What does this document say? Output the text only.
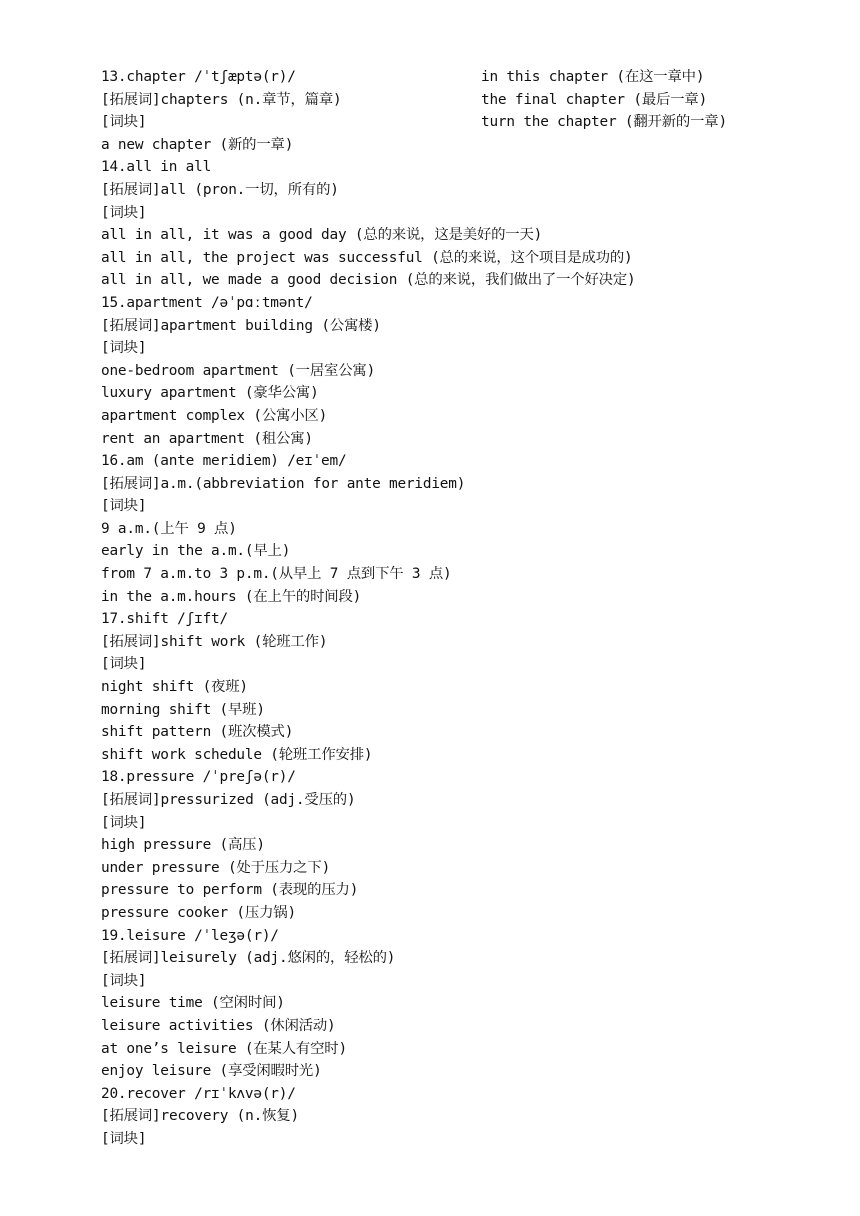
13.chapter /ˈtʃæptə(r)/
[拓展词]chapters (n.章节，篇章)
[词块]
a new chapter (新的一章)
14.all in all
[拓展词]all (pron.一切，所有的)
[词块]
all in all, it was a good day (总的来说，这是美好的一天)
all in all, the project was successful (总的来说，这个项目是成功的)
all in all, we made a good decision (总的来说，我们做出了一个好决定)
15.apartment /əˈpɑːtmənt/
[拓展词]apartment building (公寓楼)
[词块]
one-bedroom apartment (一居室公寓)
luxury apartment (豪华公寓)
apartment complex (公寓小区)
rent an apartment (租公寓)
16.am (ante meridiem) /eɪˈem/
[拓展词]a.m.(abbreviation for ante meridiem)
[词块]
9 a.m.(上午 9 点)
early in the a.m.(早上)
from 7 a.m.to 3 p.m.(从早上 7 点到下午 3 点)
in the a.m.hours (在上午的时间段)
17.shift /ʃɪft/
[拓展词]shift work (轮班工作)
[词块]
night shift (夜班)
morning shift (早班)
shift pattern (班次模式)
shift work schedule (轮班工作安排)
18.pressure /ˈpreʃə(r)/
[拓展词]pressurized (adj.受压的)
[词块]
high pressure (高压)
under pressure (处于压力之下)
pressure to perform (表现的压力)
pressure cooker (压力锅)
19.leisure /ˈleʒə(r)/
[拓展词]leisurely (adj.悠闲的，轻松的)
[词块]
leisure time (空闲时间)
leisure activities (休闲活动)
at one’s leisure (在某人有空时)
enjoy leisure (享受闲暇时光)
20.recover /rɪˈkʌvə(r)/
[拓展词]recovery (n.恢复)
[词块]
in this chapter (在这一章中)
the final chapter (最后一章)
turn the chapter (翻开新的一章)
